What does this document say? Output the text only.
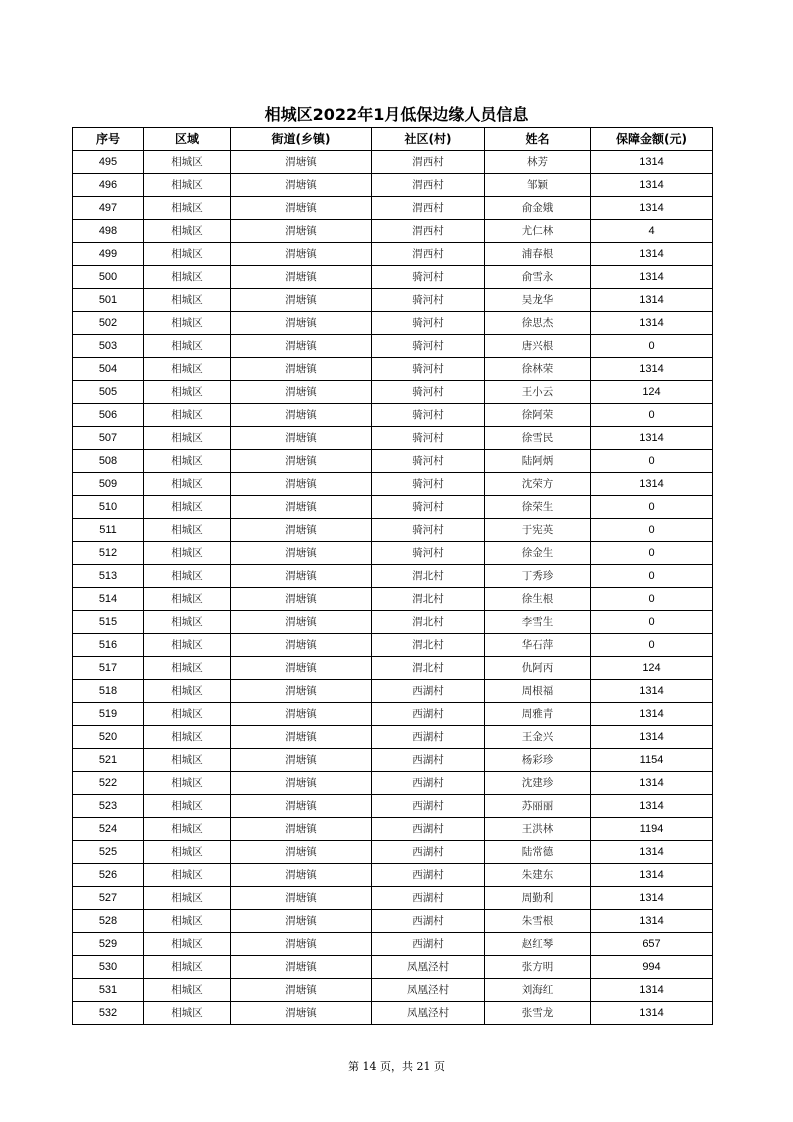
相城区2022年1月低保边缘人员信息
序号	区域	街道(乡镇)	社区(村)	姓名	保障金额(元)
495	相城区	渭塘镇	渭西村	林芳	1314
496	相城区	渭塘镇	渭西村	邹颖	1314
497	相城区	渭塘镇	渭西村	俞金娥	1314
498	相城区	渭塘镇	渭西村	尤仁林	4
499	相城区	渭塘镇	渭西村	浦春根	1314
500	相城区	渭塘镇	骑河村	俞雪永	1314
501	相城区	渭塘镇	骑河村	吴龙华	1314
502	相城区	渭塘镇	骑河村	徐思杰	1314
503	相城区	渭塘镇	骑河村	唐兴根	0
504	相城区	渭塘镇	骑河村	徐林荣	1314
505	相城区	渭塘镇	骑河村	王小云	124
506	相城区	渭塘镇	骑河村	徐阿荣	0
507	相城区	渭塘镇	骑河村	徐雪民	1314
508	相城区	渭塘镇	骑河村	陆阿炳	0
509	相城区	渭塘镇	骑河村	沈荣方	1314
510	相城区	渭塘镇	骑河村	徐荣生	0
511	相城区	渭塘镇	骑河村	于宪英	0
512	相城区	渭塘镇	骑河村	徐金生	0
513	相城区	渭塘镇	渭北村	丁秀珍	0
514	相城区	渭塘镇	渭北村	徐生根	0
515	相城区	渭塘镇	渭北村	李雪生	0
516	相城区	渭塘镇	渭北村	华石萍	0
517	相城区	渭塘镇	渭北村	仇阿丙	124
518	相城区	渭塘镇	西湖村	周根福	1314
519	相城区	渭塘镇	西湖村	周雅青	1314
520	相城区	渭塘镇	西湖村	王金兴	1314
521	相城区	渭塘镇	西湖村	杨彩珍	1154
522	相城区	渭塘镇	西湖村	沈建珍	1314
523	相城区	渭塘镇	西湖村	苏丽丽	1314
524	相城区	渭塘镇	西湖村	王洪林	1194
525	相城区	渭塘镇	西湖村	陆常德	1314
526	相城区	渭塘镇	西湖村	朱建东	1314
527	相城区	渭塘镇	西湖村	周勤利	1314
528	相城区	渭塘镇	西湖村	朱雪根	1314
529	相城区	渭塘镇	西湖村	赵红琴	657
530	相城区	渭塘镇	凤凰泾村	张方明	994
531	相城区	渭塘镇	凤凰泾村	刘海红	1314
532	相城区	渭塘镇	凤凰泾村	张雪龙	1314
第 14 页，共 21 页
